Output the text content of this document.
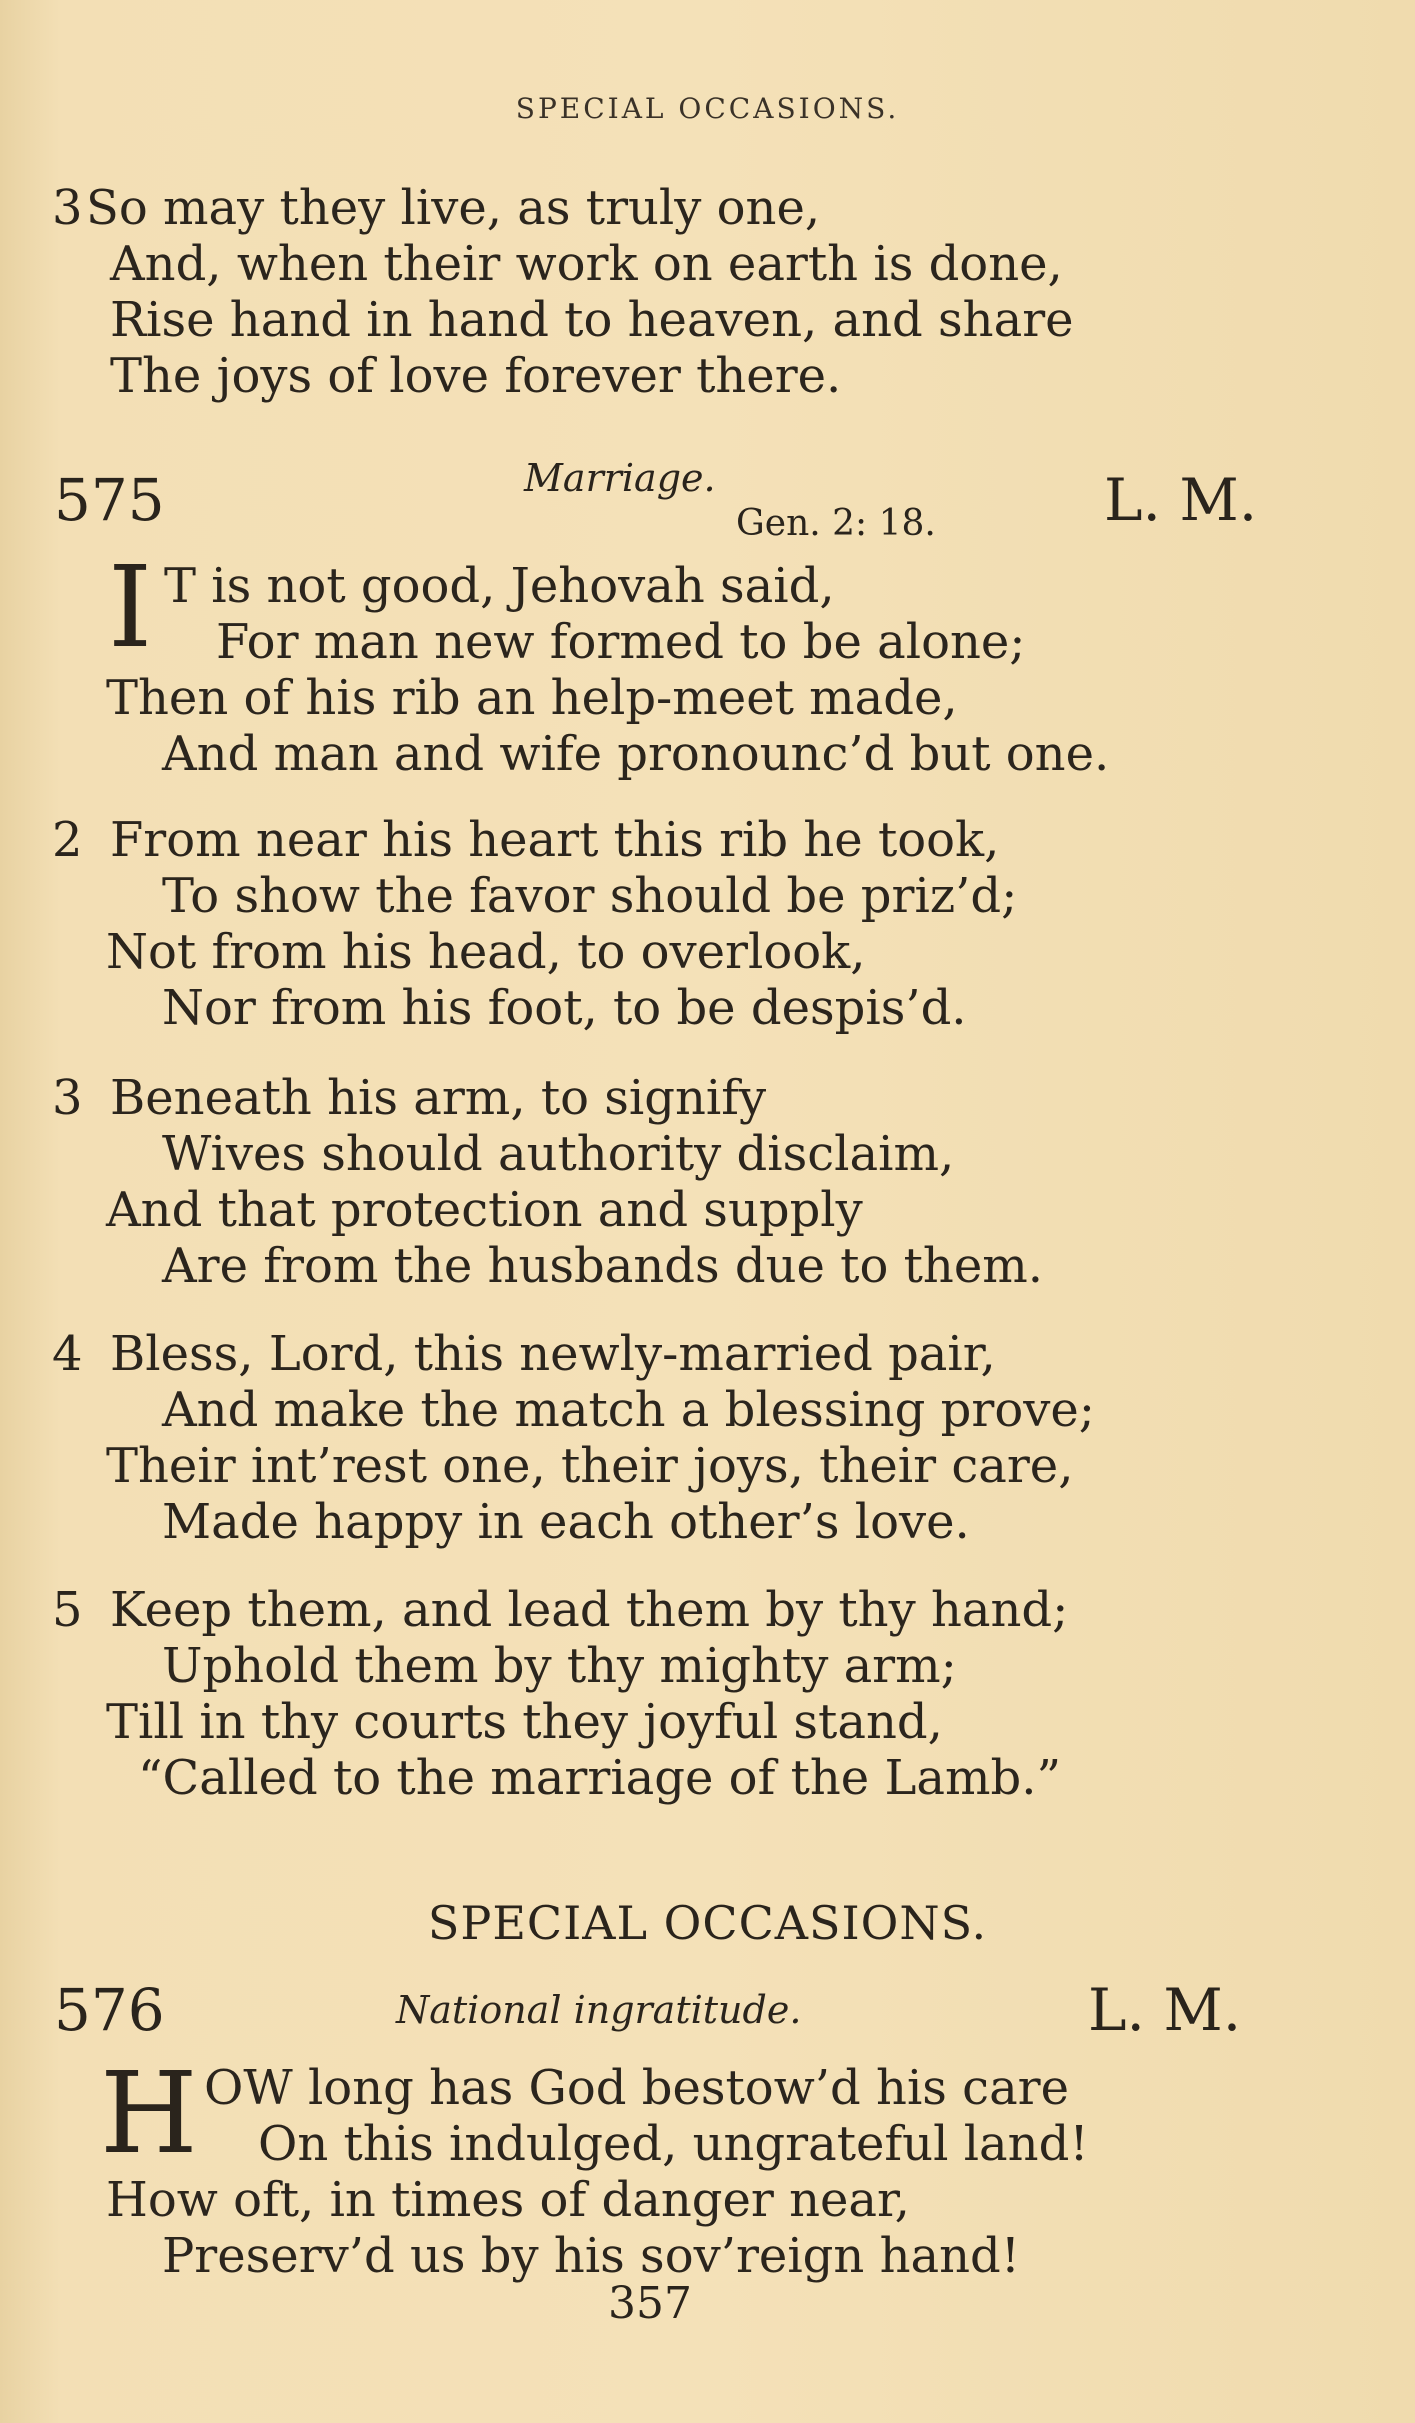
SPECIAL OCCASIONS.
3 So may they live, as truly one,
And, when their work on earth is done,
Rise hand in hand to heaven, and share
The joys of love forever there.
575	Marriage.
Gen. 2: 18.	L. M.
I T is not good, Jehovah said,
For man new formed to be alone;
Then of his rib an help-meet made,
And man and wife pronounc’d but one.
2 From near his heart this rib he took,
To show the favor should be priz’d;
Not from his head, to overlook,
Nor from his foot, to be despis’d.
3 Beneath his arm, to signify
Wives should authority disclaim,
And that protection and supply
Are from the husbands due to them.
4 Bless, Lord, this newly-married pair,
And make the match a blessing prove;
Their int’rest one, their joys, their care,
Made happy in each other’s love.
5 Keep them, and lead them by thy hand;
Uphold them by thy mighty arm;
Till in thy courts they joyful stand,
“Called to the marriage of the Lamb.”
SPECIAL OCCASIONS.
576	National ingratitude.	L. M.
H OW long has God bestow’d his care
On this indulged, ungrateful land!
How oft, in times of danger near,
Preserv’d us by his sov’reign hand!
357
